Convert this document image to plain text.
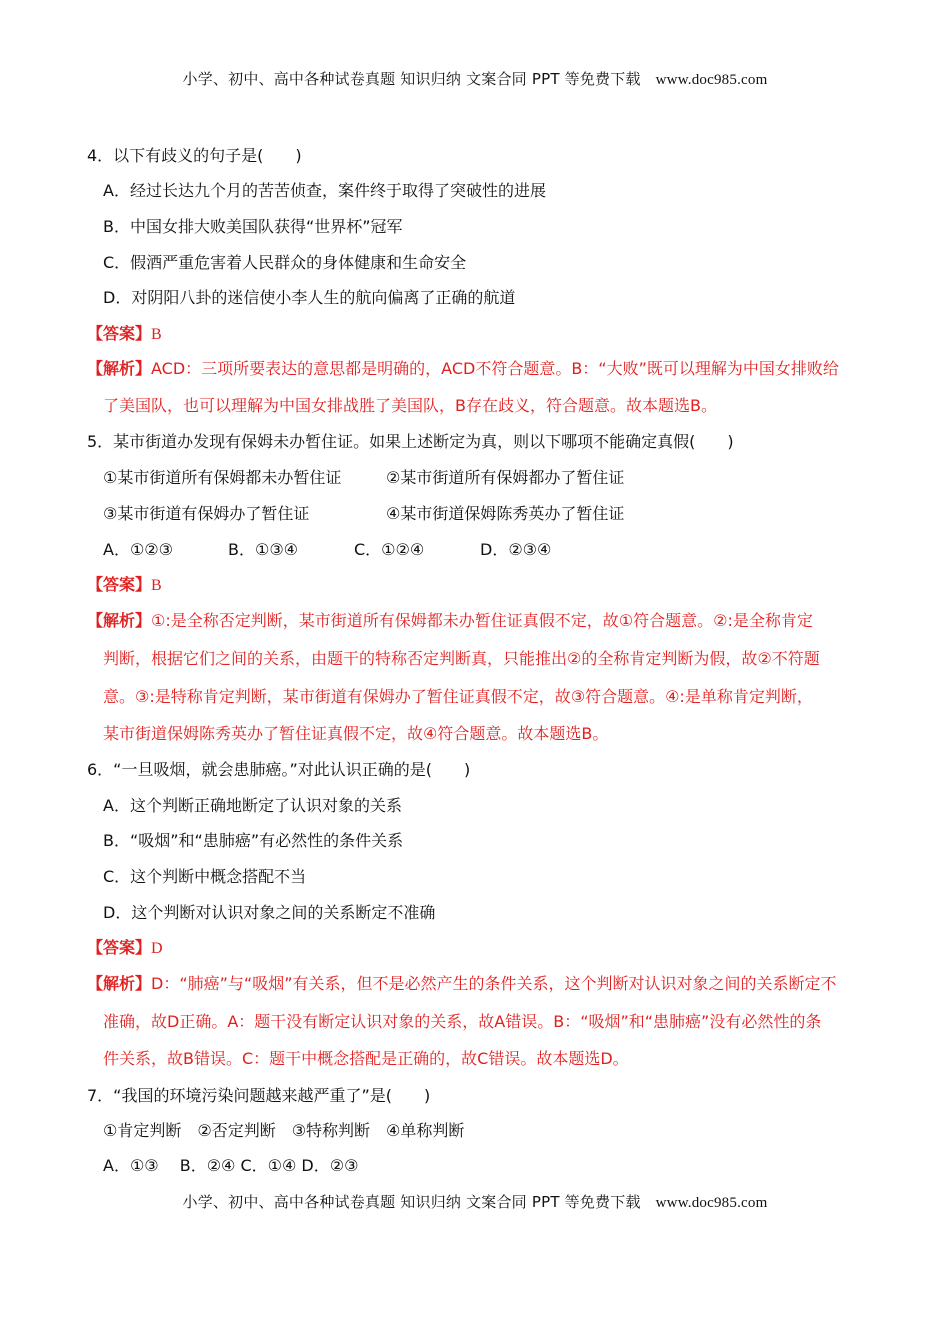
小学、初中、高中各种试卷真题 知识归纳 文案合同 PPT 等免费下载 www.doc985.com
4．以下有歧义的句子是(　　)
A．经过长达九个月的苦苦侦查，案件终于取得了突破性的进展
B．中国女排大败美国队获得“世界杯”冠军
C．假酒严重危害着人民群众的身体健康和生命安全
D．对阴阳八卦的迷信使小李人生的航向偏离了正确的航道
【答案】B
【解析】ACD：三项所要表达的意思都是明确的，ACD不符合题意。B：“大败”既可以理解为中国女排败给
了美国队，也可以理解为中国女排战胜了美国队，B存在歧义，符合题意。故本题选B。
5．某市街道办发现有保姆未办暂住证。如果上述断定为真，则以下哪项不能确定真假(　　)
①某市街道所有保姆都未办暂住证	②某市街道所有保姆都办了暂住证
③某市街道有保姆办了暂住证	④某市街道保姆陈秀英办了暂住证
A．①②③	B．①③④	C．①②④	D．②③④
【答案】B
【解析】①:是全称否定判断，某市街道所有保姆都未办暂住证真假不定，故①符合题意。②:是全称肯定
判断，根据它们之间的关系，由题干的特称否定判断真，只能推出②的全称肯定判断为假，故②不符题
意。③:是特称肯定判断，某市街道有保姆办了暂住证真假不定，故③符合题意。④:是单称肯定判断，
某市街道保姆陈秀英办了暂住证真假不定，故④符合题意。故本题选B。
6．“一旦吸烟，就会患肺癌。”对此认识正确的是(　　)
A．这个判断正确地断定了认识对象的关系
B．“吸烟”和“患肺癌”有必然性的条件关系
C．这个判断中概念搭配不当
D．这个判断对认识对象之间的关系断定不准确
【答案】D
【解析】D：“肺癌”与“吸烟”有关系，但不是必然产生的条件关系，这个判断对认识对象之间的关系断定不
准确，故D正确。A：题干没有断定认识对象的关系，故A错误。B：“吸烟”和“患肺癌”没有必然性的条
件关系，故B错误。C：题干中概念搭配是正确的，故C错误。故本题选D。
7．“我国的环境污染问题越来越严重了”是(　　)
①肯定判断　②否定判断　③特称判断　④单称判断
A．①③　 B．②④ C．①④ D．②③
小学、初中、高中各种试卷真题 知识归纳 文案合同 PPT 等免费下载 www.doc985.com
